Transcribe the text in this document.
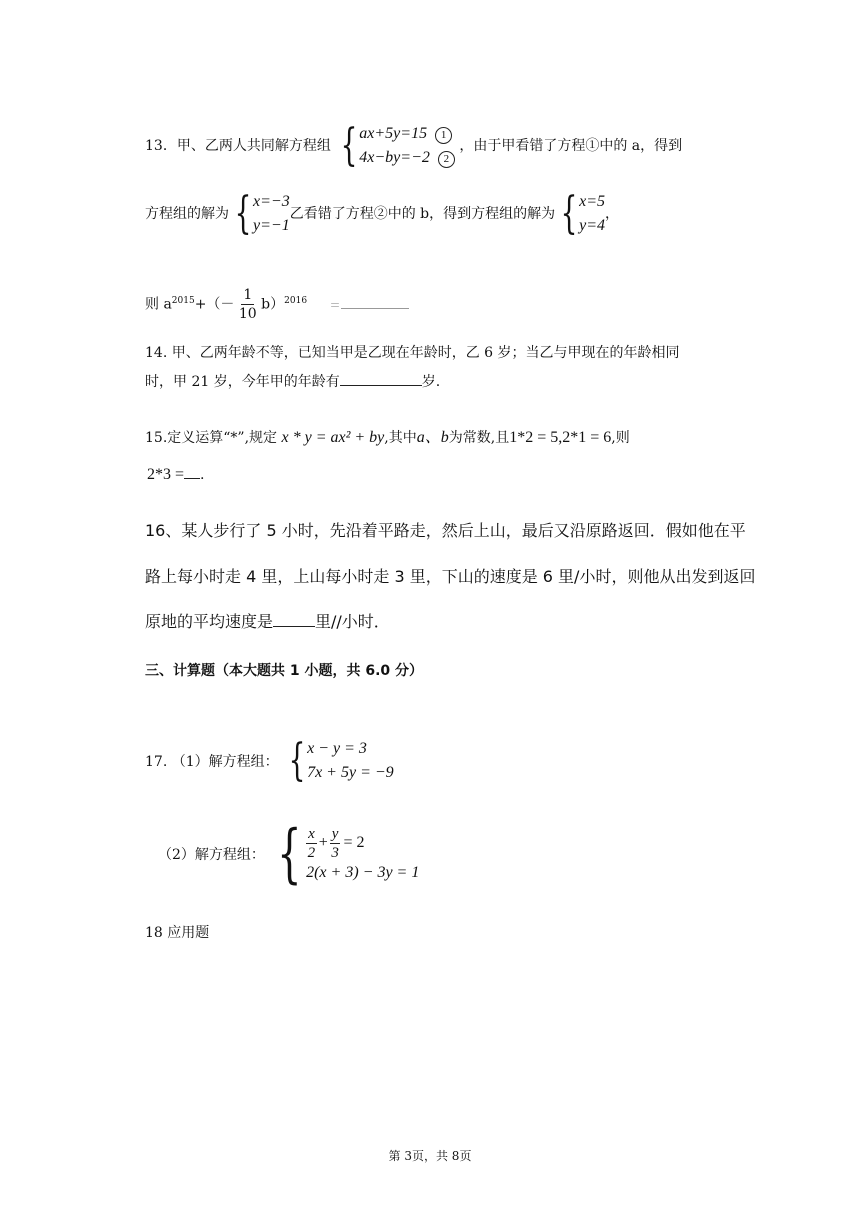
13．甲、乙两人共同解方程组 { ax+5y=15 1
4x−by=−2 2
，由于甲看错了方程①中的 a，得到
方程组的解为 { x=−3
y=−1
乙看错了方程②中的 b，得到方程组的解为 { x=5
y=4
，
则 $a^{2015}+(- \frac{1}{10} b)^{2016}$ ＝
14. 甲、乙两年龄不等，已知当甲是乙现在年龄时，乙 6 岁；当乙与甲现在的年龄相同
时，甲 21 岁，今年甲的年龄有	岁.
15.定义运算“*”,规定 x * y = ax² + by,其中a、b为常数,且1*2 = 5,2*1 = 6,则
2*3 = .
16、某人步行了 5 小时，先沿着平路走，然后上山，最后又沿原路返回．假如他在平
路上每小时走 4 里，上山每小时走 3 里，下山的速度是 6 里/小时，则他从出发到返回
原地的平均速度是	里//小时．
三、计算题（本大题共 1 小题，共 6.0 分）
17. （1）解方程组： { x − y = 3
7x + 5y = −9
（2）解方程组： { $\frac{x}{2} + \frac{y}{3} = 2$
2(x + 3) − 3y = 1
18 应用题
第 3页，共 8页
